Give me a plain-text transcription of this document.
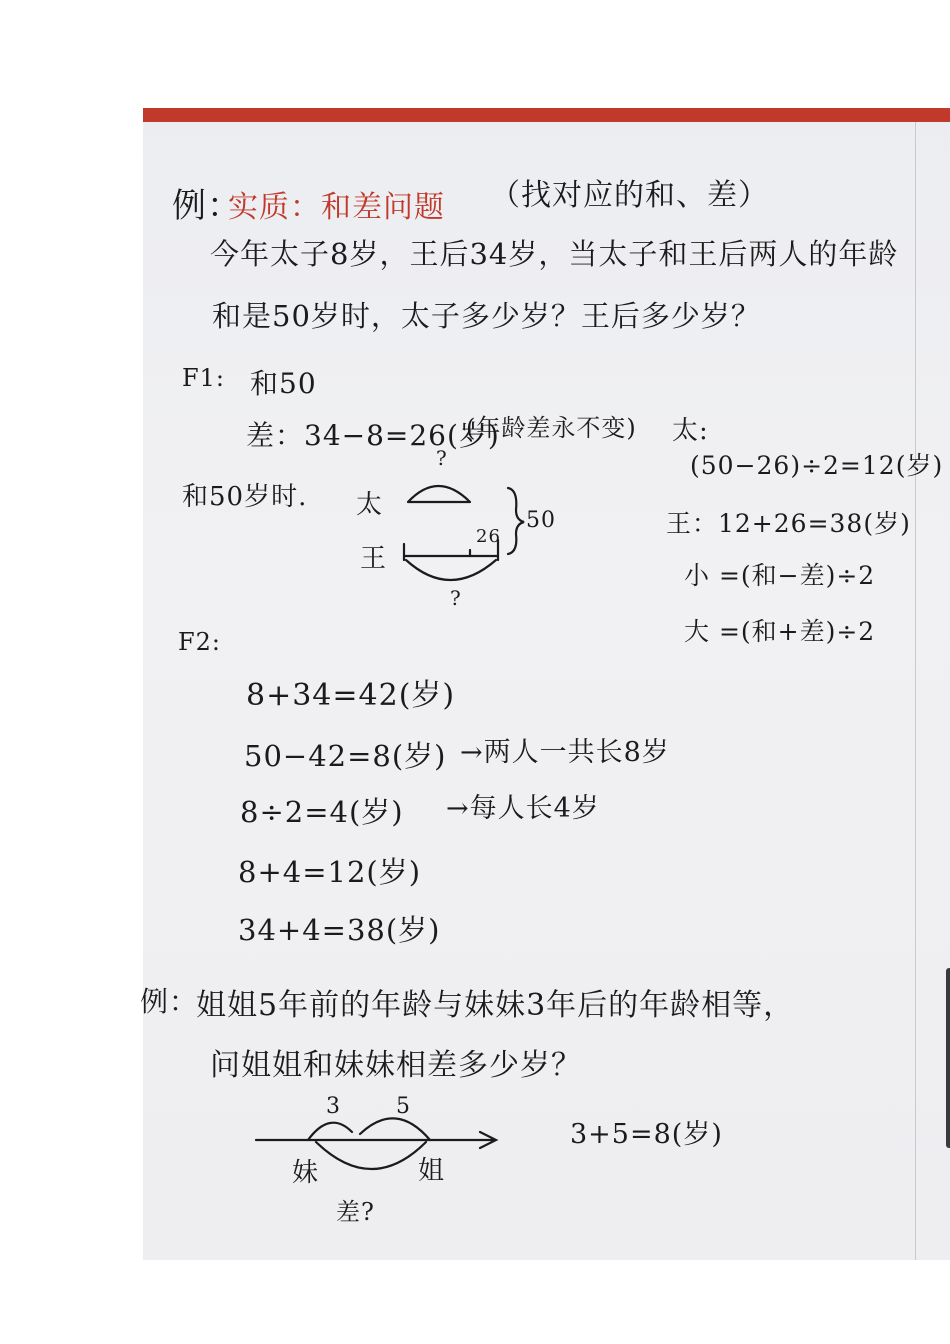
例：
实质：和差问题 （找对应的和、差）
今年太子8岁，王后34岁，当太子和王后两人的年龄
和是50岁时，太子多少岁？王后多少岁？
F1: 和50
差：34−8=26(岁)
(年龄差永不变)
和50岁时.
?
太
王
26
50
?
太:
(50−26)÷2=12(岁)
王：12+26=38(岁)
小 =(和−差)÷2
大 =(和+差)÷2
F2:
8+34=42(岁)
50−42=8(岁) →两人一共长8岁
8÷2=4(岁) →每人长4岁
8+4=12(岁)
34+4=38(岁)
例：
姐姐5年前的年龄与妹妹3年后的年龄相等，
问姐姐和妹妹相差多少岁？
3	5
妹	姐
差?
3+5=8(岁)
